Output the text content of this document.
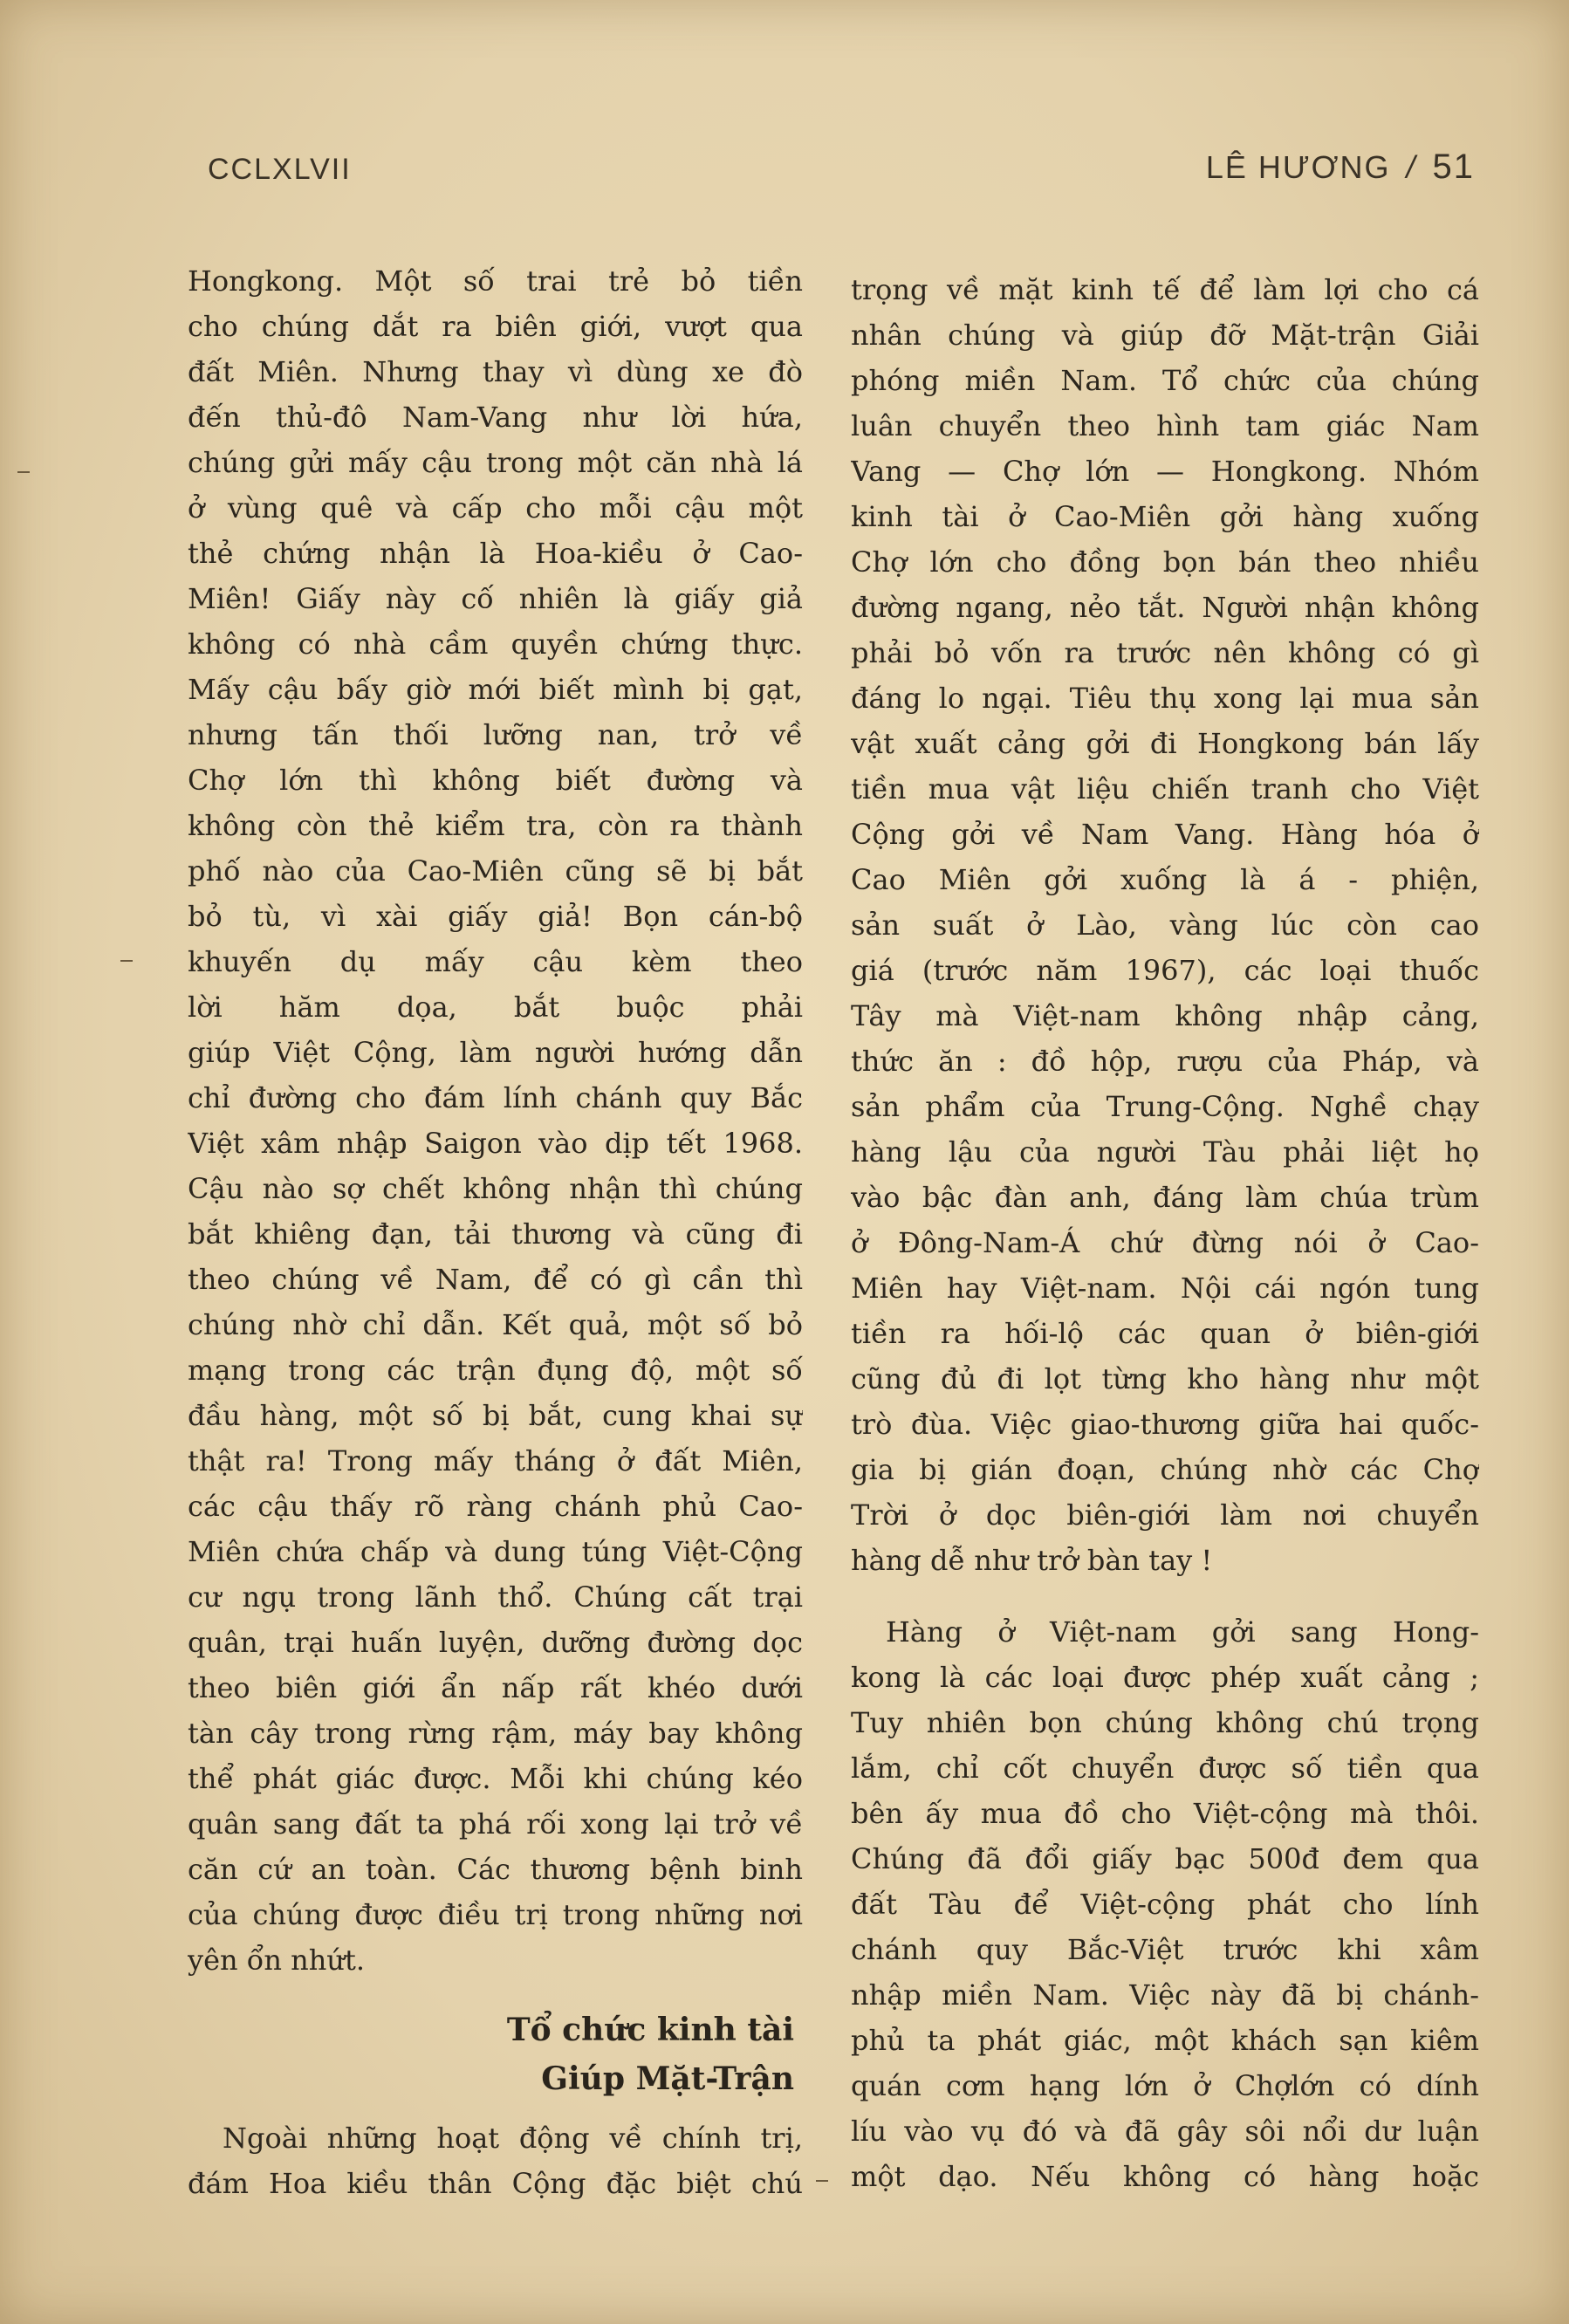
CCLXLVII	LÊ HƯƠNG / 51
Hongkong. Một số trai trẻ bỏ tiền
cho chúng dắt ra biên giới, vượt qua
đất Miên. Nhưng thay vì dùng xe đò
đến thủ-đô Nam-Vang như lời hứa,
chúng gửi mấy cậu trong một căn nhà lá
ở vùng quê và cấp cho mỗi cậu một
thẻ chứng nhận là Hoa-kiều ở Cao-
Miên! Giấy này cố nhiên là giấy giả
không có nhà cầm quyền chứng thực.
Mấy cậu bấy giờ mới biết mình bị gạt,
nhưng tấn thối lưỡng nan, trở về
Chợ lớn thì không biết đường và
không còn thẻ kiểm tra, còn ra thành
phố nào của Cao-Miên cũng sẽ bị bắt
bỏ tù, vì xài giấy giả! Bọn cán-bộ
khuyến dụ mấy cậu kèm theo
lời hăm dọa, bắt buộc phải
giúp Việt Cộng, làm người hướng dẫn
chỉ đường cho đám lính chánh quy Bắc
Việt xâm nhập Saigon vào dịp tết 1968.
Cậu nào sợ chết không nhận thì chúng
bắt khiêng đạn, tải thương và cũng đi
theo chúng về Nam, để có gì cần thì
chúng nhờ chỉ dẫn. Kết quả, một số bỏ
mạng trong các trận đụng độ, một số
đầu hàng, một số bị bắt, cung khai sự
thật ra! Trong mấy tháng ở đất Miên,
các cậu thấy rõ ràng chánh phủ Cao-
Miên chứa chấp và dung túng Việt-Cộng
cư ngụ trong lãnh thổ. Chúng cất trại
quân, trại huấn luyện, dưỡng đường dọc
theo biên giới ẩn nấp rất khéo dưới
tàn cây trong rừng rậm, máy bay không
thể phát giác được. Mỗi khi chúng kéo
quân sang đất ta phá rối xong lại trở về
căn cứ an toàn. Các thương bệnh binh
của chúng được điều trị trong những nơi
yên ổn nhứt.
Tổ chức kinh tài
Giúp Mặt-Trận
Ngoài những hoạt động về chính trị,
đám Hoa kiều thân Cộng đặc biệt chú
trọng về mặt kinh tế để làm lợi cho cá
nhân chúng và giúp đỡ Mặt-trận Giải
phóng miền Nam. Tổ chức của chúng
luân chuyển theo hình tam giác Nam
Vang — Chợ lớn — Hongkong. Nhóm
kinh tài ở Cao-Miên gởi hàng xuống
Chợ lớn cho đồng bọn bán theo nhiều
đường ngang, nẻo tắt. Người nhận không
phải bỏ vốn ra trước nên không có gì
đáng lo ngại. Tiêu thụ xong lại mua sản
vật xuất cảng gởi đi Hongkong bán lấy
tiền mua vật liệu chiến tranh cho Việt
Cộng gởi về Nam Vang. Hàng hóa ở
Cao Miên gởi xuống là á - phiện,
sản suất ở Lào, vàng lúc còn cao
giá (trước năm 1967), các loại thuốc
Tây mà Việt-nam không nhập cảng,
thức ăn : đồ hộp, rượu của Pháp, và
sản phẩm của Trung-Cộng. Nghề chạy
hàng lậu của người Tàu phải liệt họ
vào bậc đàn anh, đáng làm chúa trùm
ở Đông-Nam-Á chứ đừng nói ở Cao-
Miên hay Việt-nam. Nội cái ngón tung
tiền ra hối-lộ các quan ở biên-giới
cũng đủ đi lọt từng kho hàng như một
trò đùa. Việc giao-thương giữa hai quốc-
gia bị gián đoạn, chúng nhờ các Chợ
Trời ở dọc biên-giới làm nơi chuyển
hàng dễ như trở bàn tay !
Hàng ở Việt-nam gởi sang Hong-
kong là các loại được phép xuất cảng ;
Tuy nhiên bọn chúng không chú trọng
lắm, chỉ cốt chuyển được số tiền qua
bên ấy mua đồ cho Việt-cộng mà thôi.
Chúng đã đổi giấy bạc 500đ đem qua
đất Tàu để Việt-cộng phát cho lính
chánh quy Bắc-Việt trước khi xâm
nhập miền Nam. Việc này đã bị chánh-
phủ ta phát giác, một khách sạn kiêm
quán cơm hạng lớn ở Chợlớn có dính
líu vào vụ đó và đã gây sôi nổi dư luận
một dạo. Nếu không có hàng hoặc
